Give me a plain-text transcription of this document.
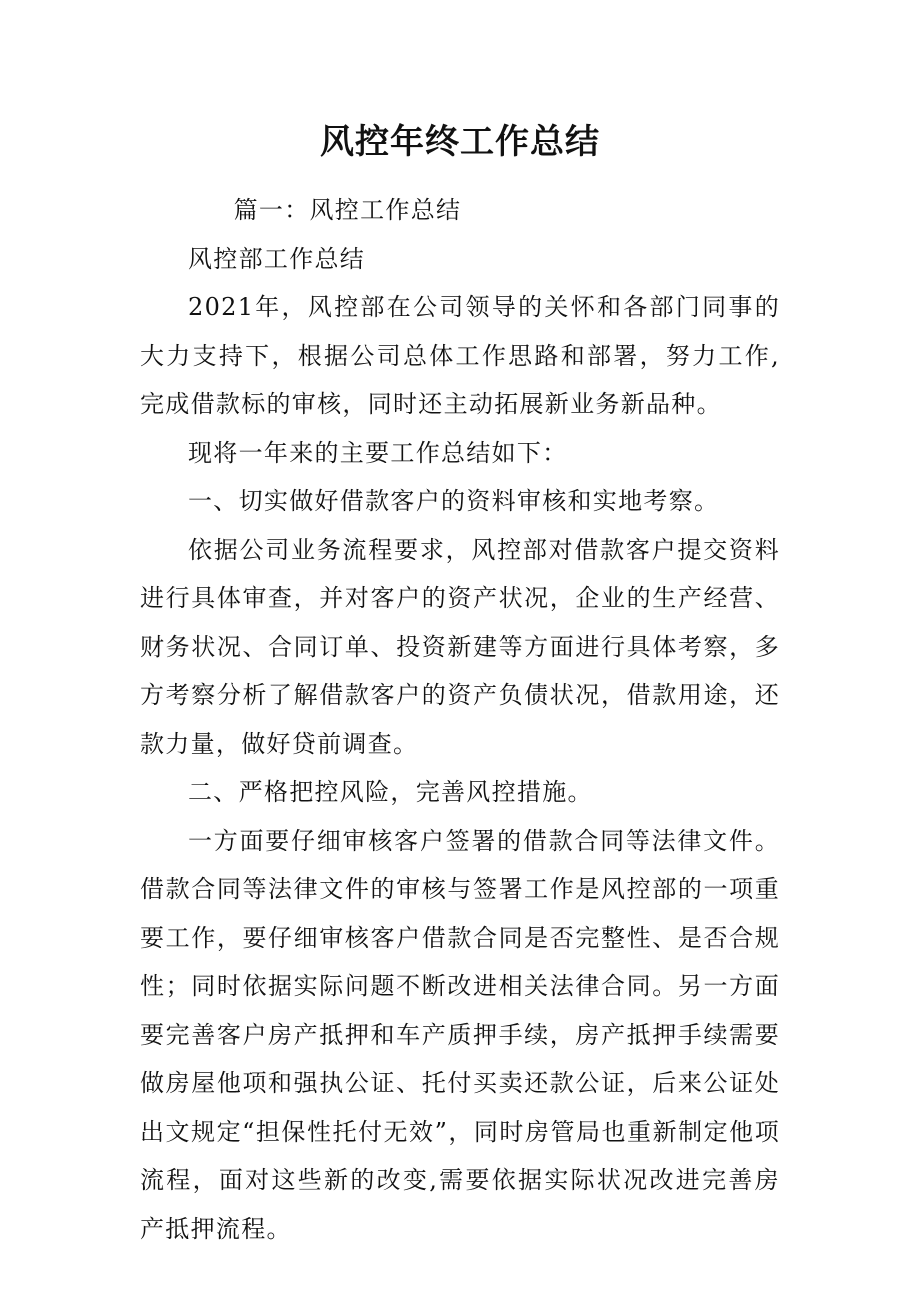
风控年终工作总结

篇一：风控工作总结

风控部工作总结

2021年，风控部在公司领导的关怀和各部门同事的大力支持下，根据公司总体工作思路和部署，努力工作,完成借款标的审核，同时还主动拓展新业务新品种。

现将一年来的主要工作总结如下：

一、切实做好借款客户的资料审核和实地考察。

依据公司业务流程要求，风控部对借款客户提交资料进行具体审查，并对客户的资产状况，企业的生产经营、财务状况、合同订单、投资新建等方面进行具体考察，多方考察分析了解借款客户的资产负债状况，借款用途，还款力量，做好贷前调查。

二、严格把控风险，完善风控措施。

一方面要仔细审核客户签署的借款合同等法律文件。借款合同等法律文件的审核与签署工作是风控部的一项重要工作，要仔细审核客户借款合同是否完整性、是否合规性；同时依据实际问题不断改进相关法律合同。另一方面要完善客户房产抵押和车产质押手续，房产抵押手续需要做房屋他项和强执公证、托付买卖还款公证，后来公证处出文规定“担保性托付无效”，同时房管局也重新制定他项流程，面对这些新的改变,需要依据实际状况改进完善房产抵押流程。
